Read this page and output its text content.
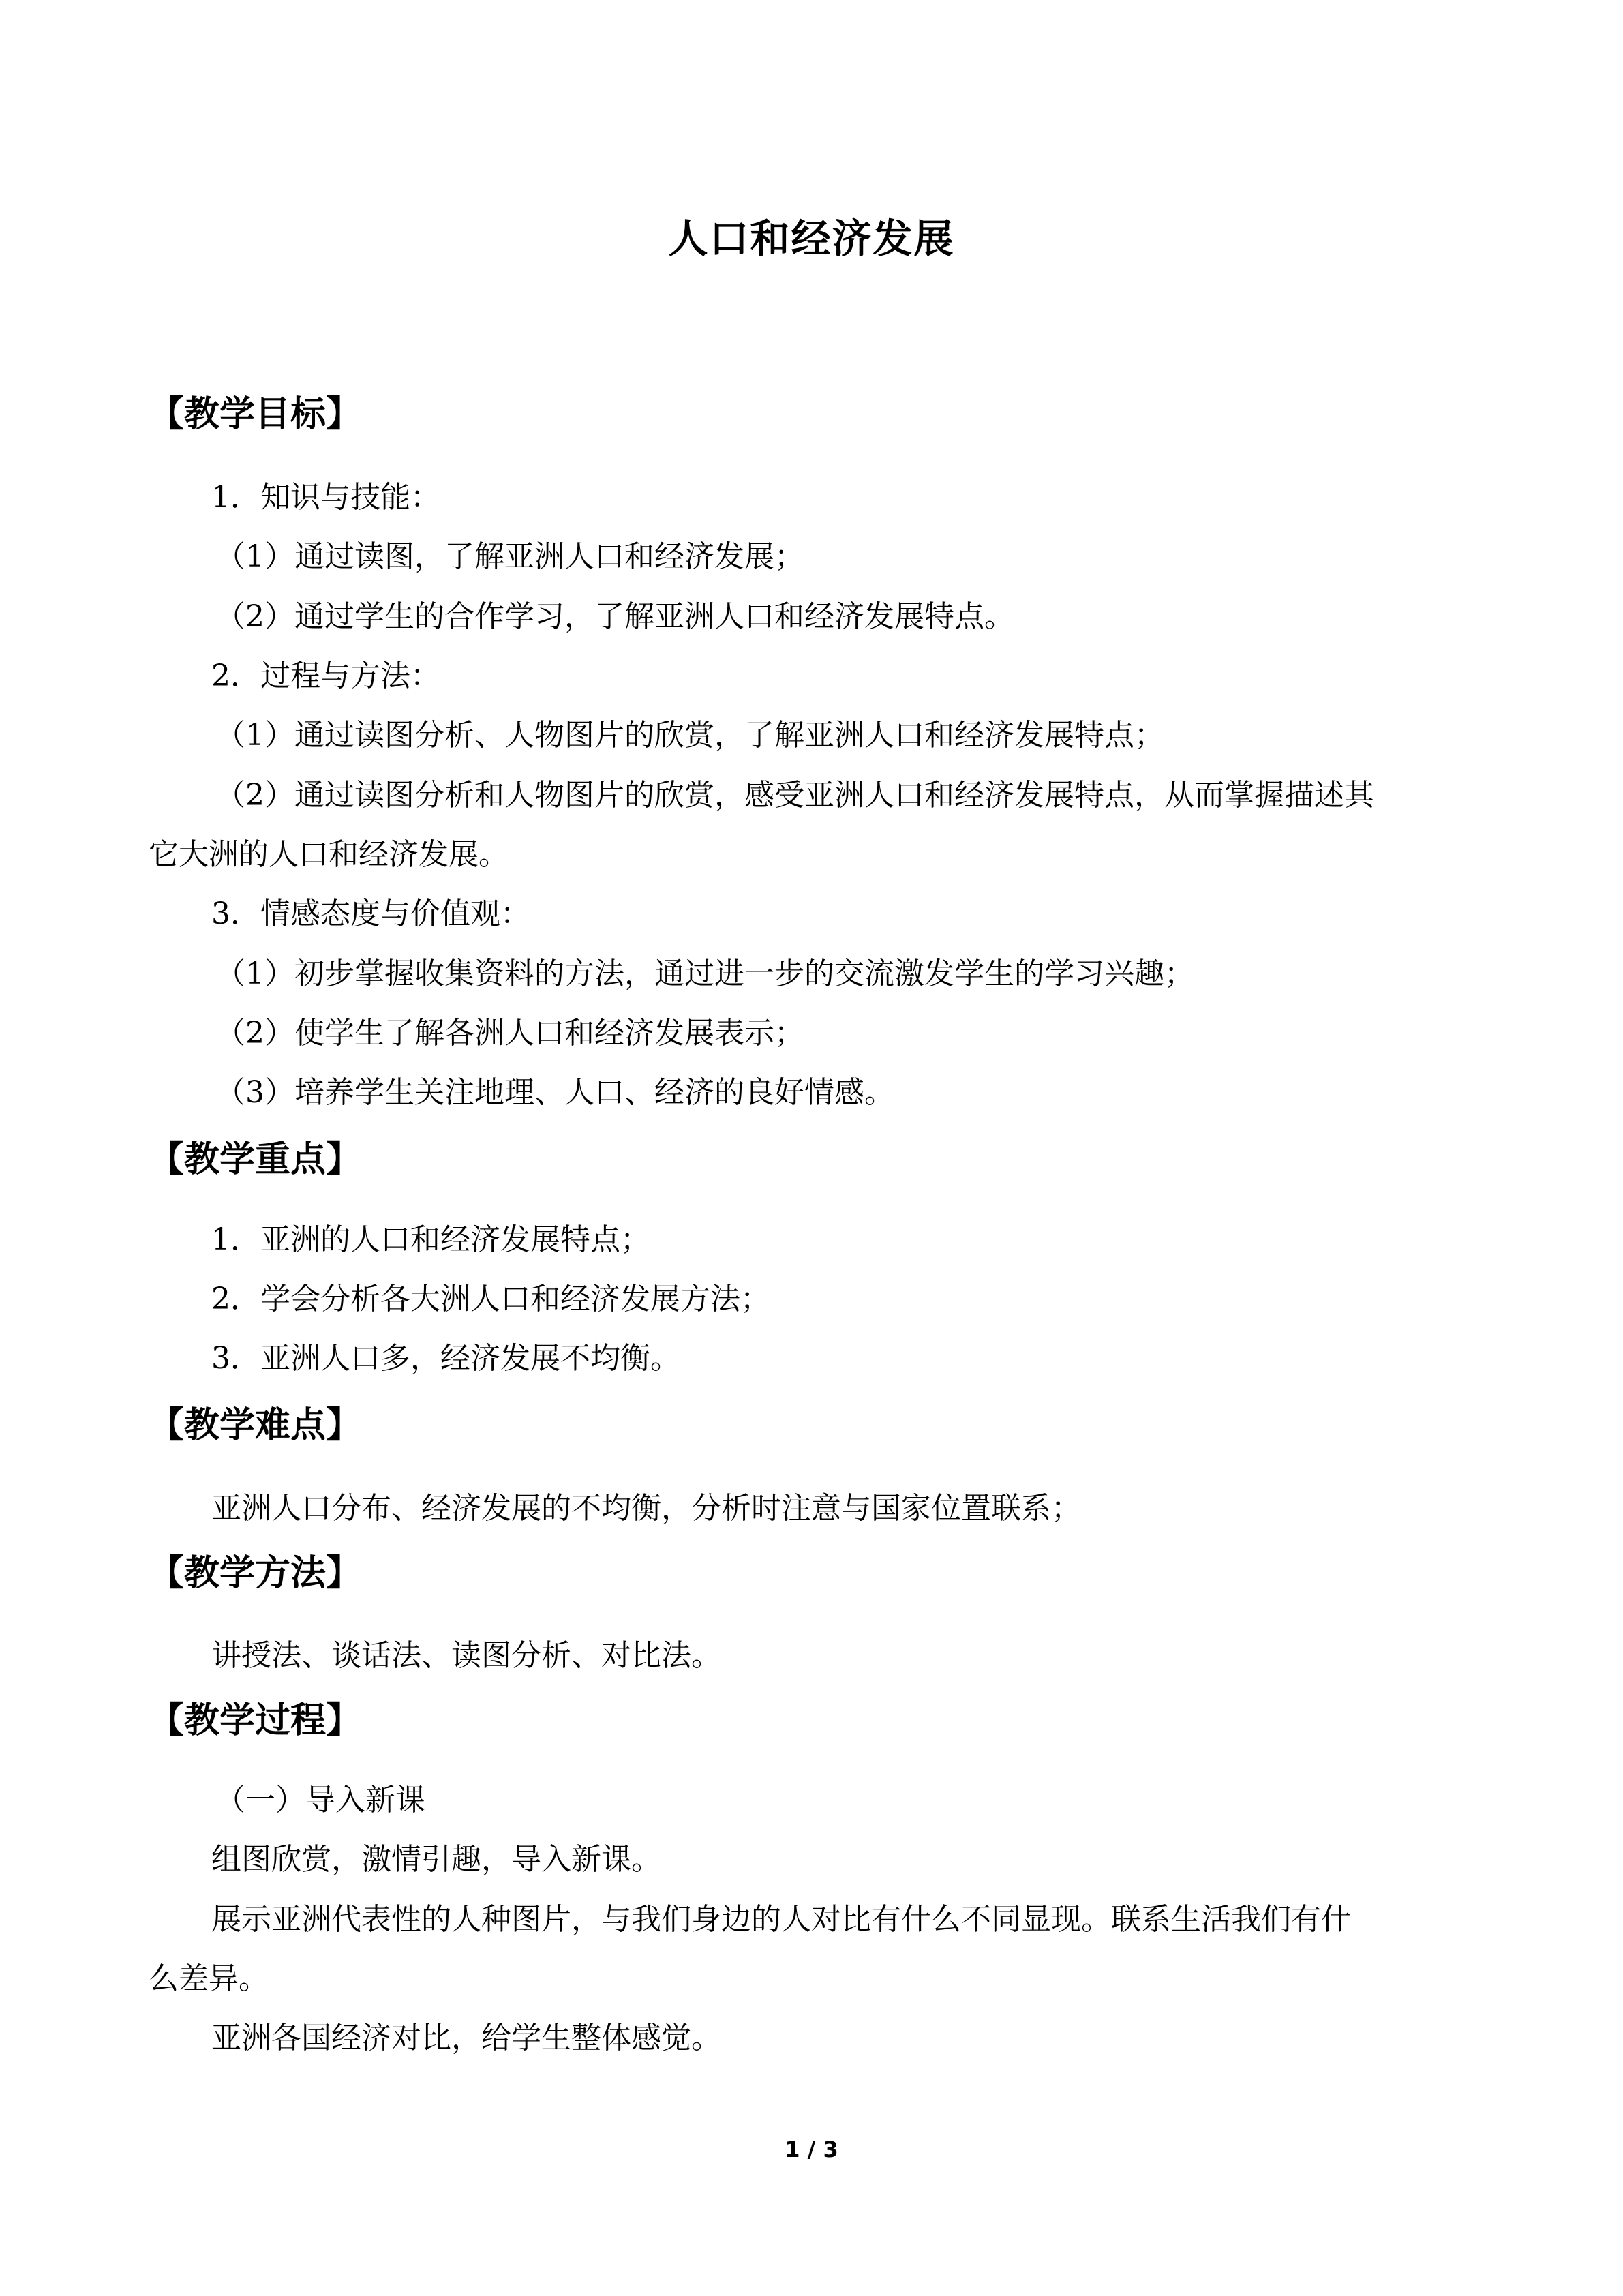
人口和经济发展
【教学目标】
1．知识与技能：
（1）通过读图，了解亚洲人口和经济发展；
（2）通过学生的合作学习，了解亚洲人口和经济发展特点。
2．过程与方法：
（1）通过读图分析、人物图片的欣赏，了解亚洲人口和经济发展特点；
（2）通过读图分析和人物图片的欣赏，感受亚洲人口和经济发展特点，从而掌握描述其
它大洲的人口和经济发展。
3．情感态度与价值观：
（1）初步掌握收集资料的方法，通过进一步的交流激发学生的学习兴趣；
（2）使学生了解各洲人口和经济发展表示；
（3）培养学生关注地理、人口、经济的良好情感。
【教学重点】
1．亚洲的人口和经济发展特点；
2．学会分析各大洲人口和经济发展方法；
3．亚洲人口多，经济发展不均衡。
【教学难点】
亚洲人口分布、经济发展的不均衡，分析时注意与国家位置联系；
【教学方法】
讲授法、谈话法、读图分析、对比法。
【教学过程】
（一）导入新课
组图欣赏，激情引趣，导入新课。
展示亚洲代表性的人种图片，与我们身边的人对比有什么不同显现。联系生活我们有什
么差异。
亚洲各国经济对比，给学生整体感觉。
1 / 3
